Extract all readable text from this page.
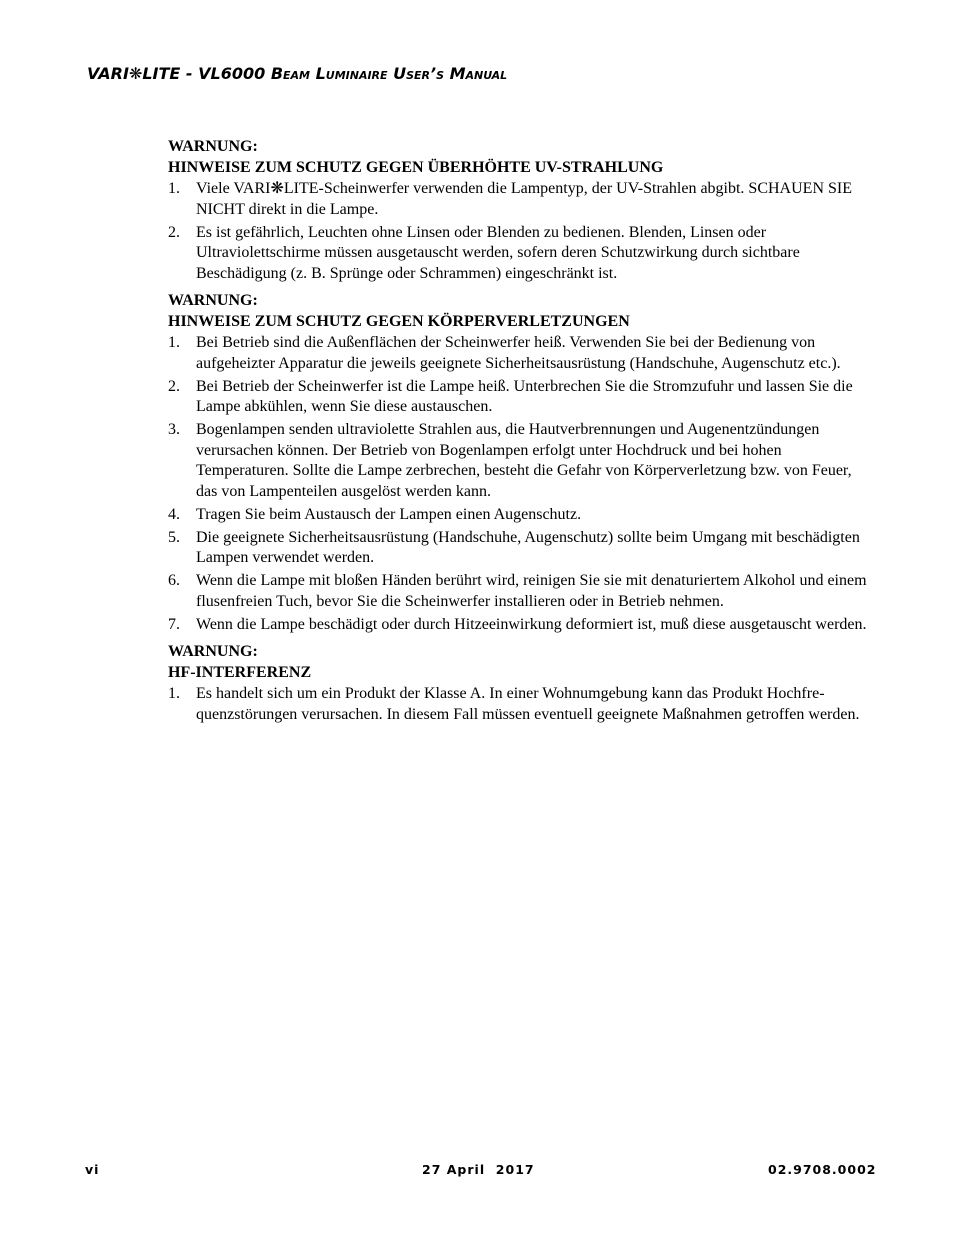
VARI❋LITE - VL6000 Beam Luminaire User’s Manual
WARNUNG:
HINWEISE ZUM SCHUTZ GEGEN ÜBERHÖHTE UV-STRAHLUNG
1. Viele VARI❋LITE-Scheinwerfer verwenden die Lampentyp, der UV-Strahlen abgibt. SCHAUEN SIE NICHT direkt in die Lampe.
2. Es ist gefährlich, Leuchten ohne Linsen oder Blenden zu bedienen. Blenden, Linsen oder Ultraviolettschirme müssen ausgetauscht werden, sofern deren Schutzwirkung durch sichtbare Beschädigung (z. B. Sprünge oder Schrammen) eingeschränkt ist.
WARNUNG:
HINWEISE ZUM SCHUTZ GEGEN KÖRPERVERLETZUNGEN
1. Bei Betrieb sind die Außenflächen der Scheinwerfer heiß. Verwenden Sie bei der Bedienung von aufgeheizter Apparatur die jeweils geeignete Sicherheitsausrüstung (Handschuhe, Augenschutz etc.).
2. Bei Betrieb der Scheinwerfer ist die Lampe heiß. Unterbrechen Sie die Stromzufuhr und lassen Sie die Lampe abkühlen, wenn Sie diese austauschen.
3. Bogenlampen senden ultraviolette Strahlen aus, die Hautverbrennungen und Augenentzündungen verursachen können. Der Betrieb von Bogenlampen erfolgt unter Hochdruck und bei hohen Temperaturen. Sollte die Lampe zerbrechen, besteht die Gefahr von Körperverletzung bzw. von Feuer, das von Lampenteilen ausgelöst werden kann.
4. Tragen Sie beim Austausch der Lampen einen Augenschutz.
5. Die geeignete Sicherheitsausrüstung (Handschuhe, Augenschutz) sollte beim Umgang mit beschädigten Lampen verwendet werden.
6. Wenn die Lampe mit bloßen Händen berührt wird, reinigen Sie sie mit denaturiertem Alkohol und einem flusenfreien Tuch, bevor Sie die Scheinwerfer installieren oder in Betrieb nehmen.
7. Wenn die Lampe beschädigt oder durch Hitzeeinwirkung deformiert ist, muß diese ausgetauscht werden.
WARNUNG:
HF-INTERFERENZ
1. Es handelt sich um ein Produkt der Klasse A. In einer Wohnumgebung kann das Produkt Hochfre-quenzstörungen verursachen. In diesem Fall müssen eventuell geeignete Maßnahmen getroffen werden.
vi	27 April  2017	02.9708.0002
